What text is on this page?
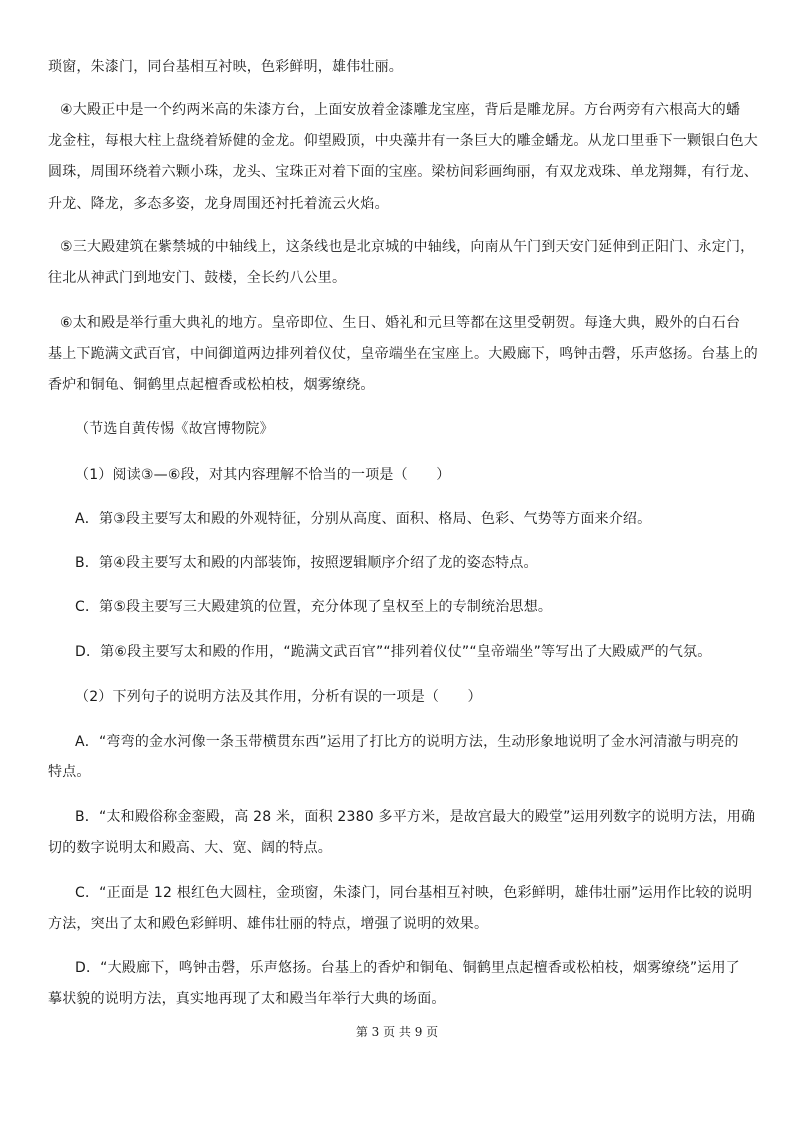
琐窗，朱漆门，同台基相互衬映，色彩鲜明，雄伟壮丽。
④大殿正中是一个约两米高的朱漆方台，上面安放着金漆雕龙宝座，背后是雕龙屏。方台两旁有六根高大的蟠
龙金柱，每根大柱上盘绕着矫健的金龙。仰望殿顶，中央藻井有一条巨大的雕金蟠龙。从龙口里垂下一颗银白色大
圆珠，周围环绕着六颗小珠，龙头、宝珠正对着下面的宝座。梁枋间彩画绚丽，有双龙戏珠、单龙翔舞，有行龙、
升龙、降龙，多态多姿，龙身周围还衬托着流云火焰。
⑤三大殿建筑在紫禁城的中轴线上，这条线也是北京城的中轴线，向南从午门到天安门延伸到正阳门、永定门，
往北从神武门到地安门、鼓楼，全长约八公里。
⑥太和殿是举行重大典礼的地方。皇帝即位、生日、婚礼和元旦等都在这里受朝贺。每逢大典，殿外的白石台
基上下跪满文武百官，中间御道两边排列着仪仗，皇帝端坐在宝座上。大殿廊下，鸣钟击磬，乐声悠扬。台基上的
香炉和铜龟、铜鹤里点起檀香或松柏枝，烟雾缭绕。
（节选自黄传惕《故宫博物院》
（1）阅读③—⑥段，对其内容理解不恰当的一项是（　　）
A．第③段主要写太和殿的外观特征，分别从高度、面积、格局、色彩、气势等方面来介绍。
B．第④段主要写太和殿的内部装饰，按照逻辑顺序介绍了龙的姿态特点。
C．第⑤段主要写三大殿建筑的位置，充分体现了皇权至上的专制统治思想。
D．第⑥段主要写太和殿的作用，“跪满文武百官”“排列着仪仗”“皇帝端坐”等写出了大殿威严的气氛。
（2）下列句子的说明方法及其作用，分析有误的一项是（　　）
A．“弯弯的金水河像一条玉带横贯东西”运用了打比方的说明方法，生动形象地说明了金水河清澈与明亮的
特点。
B．“太和殿俗称金銮殿，高 28 米，面积 2380 多平方米，是故宫最大的殿堂”运用列数字的说明方法，用确
切的数字说明太和殿高、大、宽、阔的特点。
C．“正面是 12 根红色大圆柱，金琐窗，朱漆门，同台基相互衬映，色彩鲜明，雄伟壮丽”运用作比较的说明
方法，突出了太和殿色彩鲜明、雄伟壮丽的特点，增强了说明的效果。
D．“大殿廊下，鸣钟击磬，乐声悠扬。台基上的香炉和铜龟、铜鹤里点起檀香或松柏枝，烟雾缭绕”运用了
摹状貌的说明方法，真实地再现了太和殿当年举行大典的场面。
第 3 页 共 9 页
